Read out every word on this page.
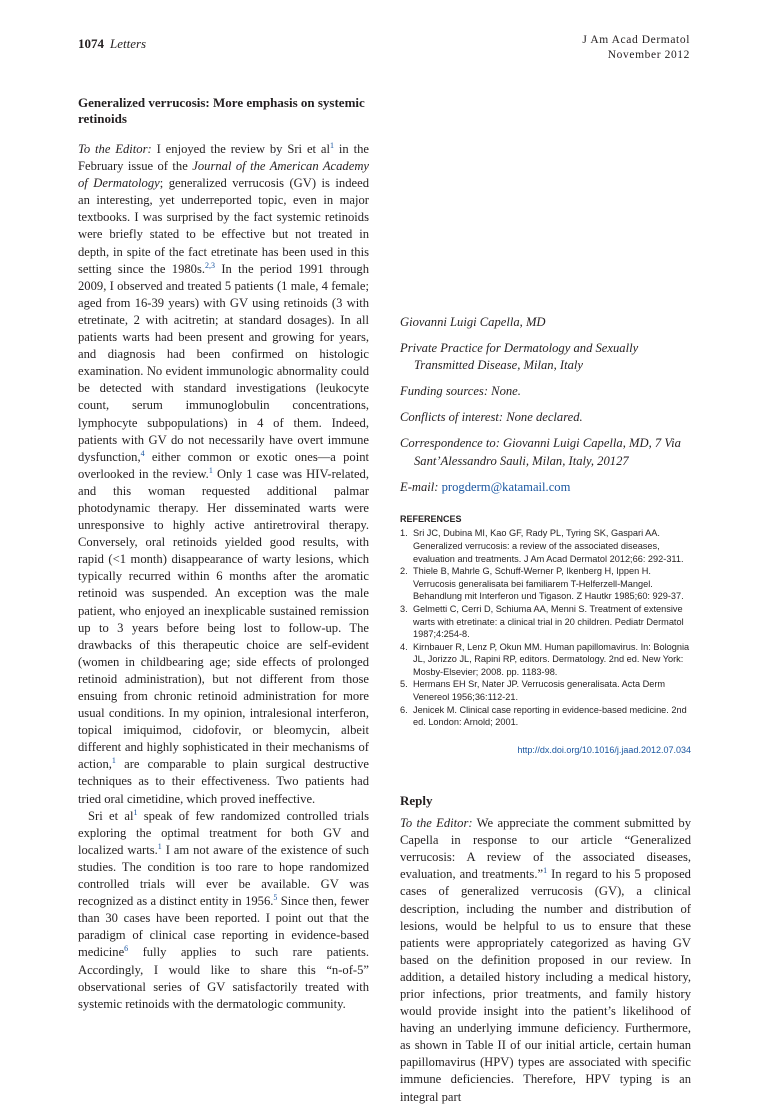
1074 Letters	J Am Acad Dermatol
November 2012

Generalized verrucosis: More emphasis on systemic retinoids

To the Editor: I enjoyed the review by Sri et $al^1$ in the February issue of the Journal of the American Academy of Dermatology; generalized verrucosis (GV) is indeed an interesting, yet underreported topic, even in major textbooks. I was surprised by the fact systemic retinoids were briefly stated to be effective but not treated in depth, in spite of the fact etretinate has been used in this setting since the 1980s.$^{2,3}$ In the period 1991 through 2009, I observed and treated 5 patients (1 male, 4 female; aged from 16-39 years) with GV using retinoids (3 with etretinate, 2 with acitretin; at standard dosages). In all patients warts had been present and growing for years, and diagnosis had been confirmed on histologic examination. No evident immunologic abnormality could be detected with standard investigations (leukocyte count, serum immunoglobulin concentrations, lymphocyte subpopulations) in 4 of them. Indeed, patients with GV do not necessarily have overt immune dysfunction,$^4$ either common or exotic ones—a point overlooked in the review.$^1$ Only 1 case was HIV-related, and this woman requested additional palmar photodynamic therapy. Her disseminated warts were unresponsive to highly active antiretroviral therapy. Conversely, oral retinoids yielded good results, with rapid (<1 month) disappearance of warty lesions, which typically recurred within 6 months after the aromatic retinoid was suspended. An exception was the male patient, who enjoyed an inexplicable sustained remission up to 3 years before being lost to follow-up. The drawbacks of this therapeutic choice are self-evident (women in childbearing age; side effects of prolonged retinoid administration), but not different from those ensuing from chronic retinoid administration for more usual conditions. In my opinion, intralesional interferon, topical imiquimod, cidofovir, or bleomycin, albeit different and highly sophisticated in their mechanisms of action,$^1$ are comparable to plain surgical destructive techniques as to their effectiveness. Two patients had tried oral cimetidine, which proved ineffective.

Sri et $al^1$ speak of few randomized controlled trials exploring the optimal treatment for both GV and localized warts.$^1$ I am not aware of the existence of such studies. The condition is too rare to hope randomized controlled trials will ever be available. GV was recognized as a distinct entity in 1956.$^5$ Since then, fewer than 30 cases have been reported. I point out that the paradigm of clinical case reporting in evidence-based medicine$^6$ fully applies to such rare patients. Accordingly, I would like to share this “n-of-5” observational series of GV satisfactorily treated with systemic retinoids with the dermatologic community.

Giovanni Luigi Capella, MD

Private Practice for Dermatology and Sexually Transmitted Disease, Milan, Italy

Funding sources: None.

Conflicts of interest: None declared.

Correspondence to: Giovanni Luigi Capella, MD, 7 Via Sant’Alessandro Sauli, Milan, Italy, 20127

E-mail: progderm@katamail.com

REFERENCES
1. Sri JC, Dubina MI, Kao GF, Rady PL, Tyring SK, Gaspari AA. Generalized verrucosis: a review of the associated diseases, evaluation and treatments. J Am Acad Dermatol 2012;66: 292-311.
2. Thiele B, Mahrle G, Schuff-Werner P, Ikenberg H, Ippen H. Verrucosis generalisata bei familiarem T-Helferzell-Mangel. Behandlung mit Interferon und Tigason. Z Hautkr 1985;60: 929-37.
3. Gelmetti C, Cerri D, Schiuma AA, Menni S. Treatment of extensive warts with etretinate: a clinical trial in 20 children. Pediatr Dermatol 1987;4:254-8.
4. Kirnbauer R, Lenz P, Okun MM. Human papillomavirus. In: Bolognia JL, Jorizzo JL, Rapini RP, editors. Dermatology. 2nd ed. New York: Mosby-Elsevier; 2008. pp. 1183-98.
5. Hermans EH Sr, Nater JP. Verrucosis generalisata. Acta Derm Venereol 1956;36:112-21.
6. Jenicek M. Clinical case reporting in evidence-based medicine. 2nd ed. London: Arnold; 2001.
http://dx.doi.org/10.1016/j.jaad.2012.07.034
Reply

To the Editor: We appreciate the comment submitted by Capella in response to our article “Generalized verrucosis: A review of the associated diseases, evaluation, and treatments.”$^1$ In regard to his 5 proposed cases of generalized verrucosis (GV), a clinical description, including the number and distribution of lesions, would be helpful to us to ensure that these patients were appropriately categorized as having GV based on the definition proposed in our review. In addition, a detailed history including a medical history, prior infections, prior treatments, and family history would provide insight into the patient’s likelihood of having an underlying immune deficiency. Furthermore, as shown in Table II of our initial article, certain human papillomavirus (HPV) types are associated with specific immune deficiencies. Therefore, HPV typing is an integral part
